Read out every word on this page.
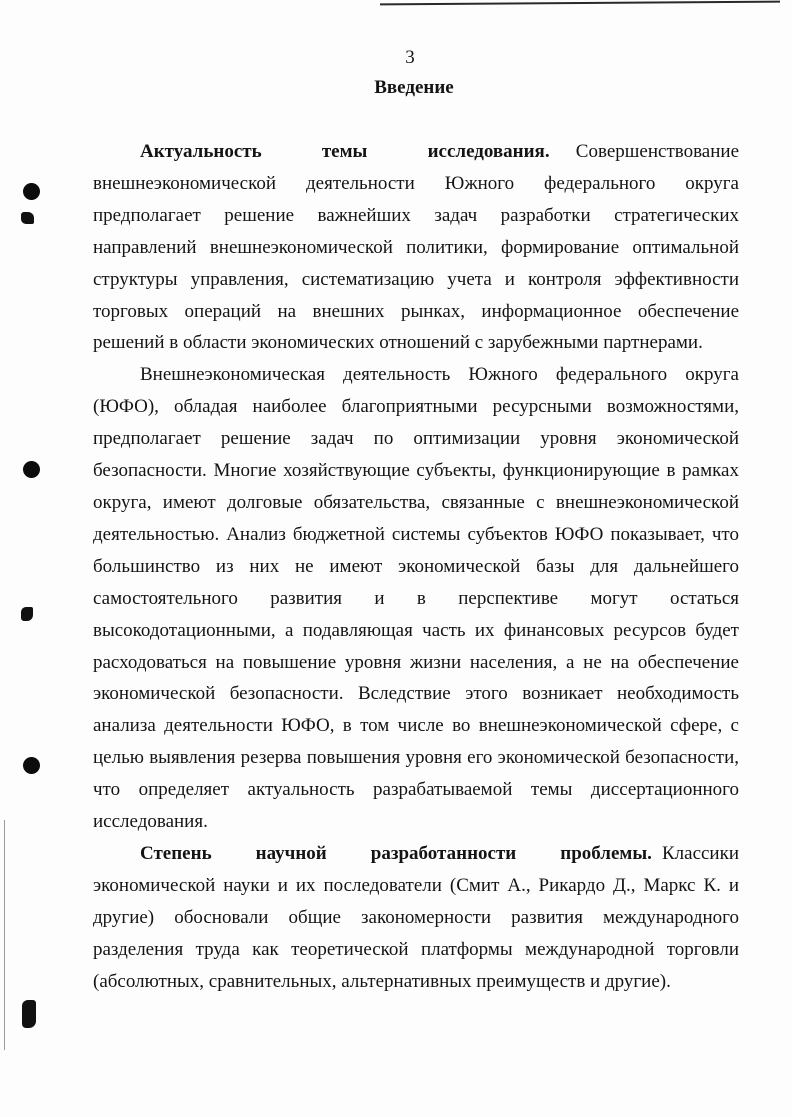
3
Введение

Актуальность темы исследования. Совершенствование внешнеэкономической деятельности Южного федерального округа предполагает решение важнейших задач разработки стратегических направлений внешнеэкономической политики, формирование оптимальной структуры управления, систематизацию учета и контроля эффективности торговых операций на внешних рынках, информационное обеспечение решений в области экономических отношений с зарубежными партнерами.

Внешнеэкономическая деятельность Южного федерального округа (ЮФО), обладая наиболее благоприятными ресурсными возможностями, предполагает решение задач по оптимизации уровня экономической безопасности. Многие хозяйствующие субъекты, функционирующие в рамках округа, имеют долговые обязательства, связанные с внешнеэкономической деятельностью. Анализ бюджетной системы субъектов ЮФО показывает, что большинство из них не имеют экономической базы для дальнейшего самостоятельного развития и в перспективе могут остаться высокодотационными, а подавляющая часть их финансовых ресурсов будет расходоваться на повышение уровня жизни населения, а не на обеспечение экономической безопасности. Вследствие этого возникает необходимость анализа деятельности ЮФО, в том числе во внешнеэкономической сфере, с целью выявления резерва повышения уровня его экономической безопасности, что определяет актуальность разрабатываемой темы диссертационного исследования.

Степень научной разработанности проблемы. Классики экономической науки и их последователи (Смит А., Рикардо Д., Маркс К. и другие) обосновали общие закономерности развития международного разделения труда как теоретической платформы международной торговли (абсолютных, сравнительных, альтернативных преимуществ и другие).
